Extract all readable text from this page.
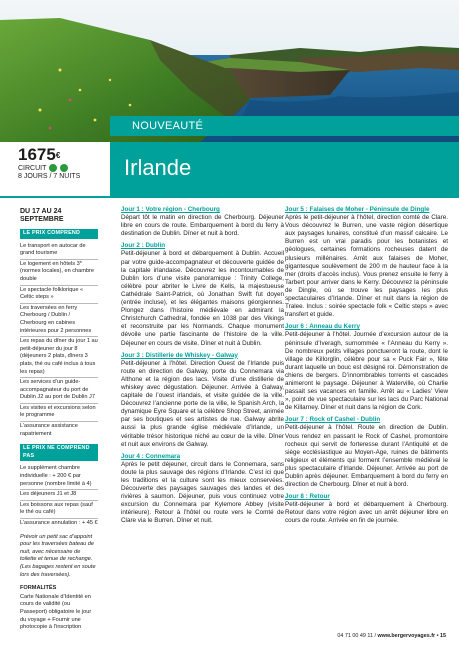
NOUVEAUTÉ
Irlande
1675€
CIRCUIT
8 JOURS / 7 NUITS
DU 17 AU 24 SEPTEMBRE
LE PRIX COMPREND
Le transport en autocar de grand tourisme
Le logement en hôtels 3* (normes locales), en chambre double
Le spectacle folklorique « Celtic steps »
Les traversées en ferry Cherbourg / Dublin / Cherbourg en cabines intérieures pour 2 personnes
Les repas du dîner du jour 1 au petit-déjeuner du jour 8 (déjeuners 2 plats, dîners 3 plats, thé ou café inclus à tous les repas)
Les services d’un guide-accompagnateur du port de Dublin J2 au port de Dublin J7
Les visites et excursions selon le programme
L’assurance assistance rapatriement
LE PRIX NE COMPREND PAS
Le supplément chambre individuelle : + 200 € par personne (nombre limité à 4)
Les déjeuners J1 et J8
Les boissons aux repas (sauf le thé ou café)
L’assurance annulation : + 45 €
Prévoir un petit sac d’appoint pour les traversées bateau de nuit, avec nécessaire de toilette et tenue de rechange. (Les bagages restent en soute lors des traversées).
FORMALITÉS
Carte Nationale d’Identité en cours de validité (ou Passeport) obligatoire le jour du voyage + Fournir une photocopie à l’inscription
Jour 1 : Votre région - Cherbourg
Départ tôt le matin en direction de Cherbourg. Déjeuner libre en cours de route. Embarquement à bord du ferry à destination de Dublin. Dîner et nuit à bord.
Jour 2 : Dublin
Petit-déjeuner à bord et débarquement à Dublin. Accueil par votre guide-accompagnateur et découverte guidée de la capitale irlandaise. Découvrez les incontournables de Dublin lors d’une visite panoramique : Trinity College, célèbre pour abriter le Livre de Kells, la majestueuse Cathédrale Saint-Patrick, où Jonathan Swift fut doyen (entrée incluse), et les élégantes maisons géorgiennes. Plongez dans l’histoire médiévale en admirant la Christchurch Cathedral, fondée en 1038 par des Vikings et reconstruite par les Normands. Chaque monument dévoile une partie fascinante de l’histoire de la ville. Déjeuner en cours de visite. Dîner et nuit à Dublin.
Jour 3 : Distillerie de Whiskey - Galway
Petit-déjeuner à l’hôtel. Direction Ouest de l’Irlande puis route en direction de Galway, porte du Connemara via Althone et la région des lacs. Visite d’une distillerie de whiskey avec dégustation. Déjeuner. Arrivée à Galway, capitale de l’ouest irlandais, et visite guidée de la ville. Découvrez l’ancienne porte de la ville, le Spanish Arch, la dynamique Eyre Square et la célèbre Shop Street, animée par ses boutiques et ses artistes de rue. Galway abrite aussi la plus grande église médiévale d’Irlande, un véritable trésor historique niché au cœur de la ville. Dîner et nuit aux environs de Galway.
Jour 4 : Connemara
Après le petit déjeuner, circuit dans le Connemara, sans doute la plus sauvage des régions d’Irlande. C’est ici que les traditions et la culture sont les mieux conservées. Découverte des paysages sauvages des landes et des rivières à saumon. Déjeuner, puis vous continuez votre excursion du Connemara par Kylemore Abbey (visite intérieure). Retour à l’hôtel ou route vers le Comté de Clare via le Burren. Dîner et nuit.
Jour 5 : Falaises de Moher - Péninsule de Dingle
Après le petit-déjeuner à l’hôtel, direction comté de Clare. Vous découvrez le Burren, une vaste région désertique aux paysages lunaires, constitué d’un massif calcaire. Le Burren est un vrai paradis pour les botanistes et géologues, certaines formations rocheuses datent de plusieurs millénaires. Arrêt aux falaises de Moher, gigantesque soulèvement de 200 m de hauteur face à la mer (droits d’accès inclus). Vous prenez ensuite le ferry à Tarbert pour arriver dans le Kerry. Découvrez la péninsule de Dingle, où se trouve les paysages les plus spectaculaires d’Irlande. Dîner et nuit dans la région de Tralee. Inclus : soirée spectacle folk « Celtic steps » avec transfert et guide.
Jour 6 : Anneau du Kerry
Petit-déjeuner à l’hôtel. Journée d’excursion autour de la péninsule d’Iveragh, surnommée « l’Anneau du Kerry ». De nombreux petits villages ponctueront la route, dont le village de Killorglin, célèbre pour sa « Puck Fair », fête durant laquelle un bouc est désigné roi. Démonstration de chiens de bergers. D’innombrables torrents et cascades animeront le paysage. Déjeuner à Waterville, où Charlie passait ses vacances en famille. Arrêt au « Ladies’ View », point de vue spectaculaire sur les lacs du Parc National de Killarney. Dîner et nuit dans la région de Cork.
Jour 7 : Rock of Cashel - Dublin
Petit-déjeuner à l’hôtel. Route en direction de Dublin. Vous rendez en passant le Rock of Cashel, promontoire rocheux qui servit de forteresse durant l’Antiquité et de siège ecclésiastique au Moyen-Age, ruines de bâtiments religieux et éléments qui forment l’ensemble médiéval le plus spectaculaire d’Irlande. Déjeuner. Arrivée au port de Dublin après déjeuner. Embarquement à bord du ferry en direction de Cherbourg. Dîner et nuit à bord.
Jour 8 : Retour
Petit-déjeuner à bord et débarquement à Cherbourg. Retour dans votre région avec un arrêt déjeuner libre en cours de route. Arrivée en fin de journée.
04 71 00 49 11 / www.bergervoyages.fr • 15
